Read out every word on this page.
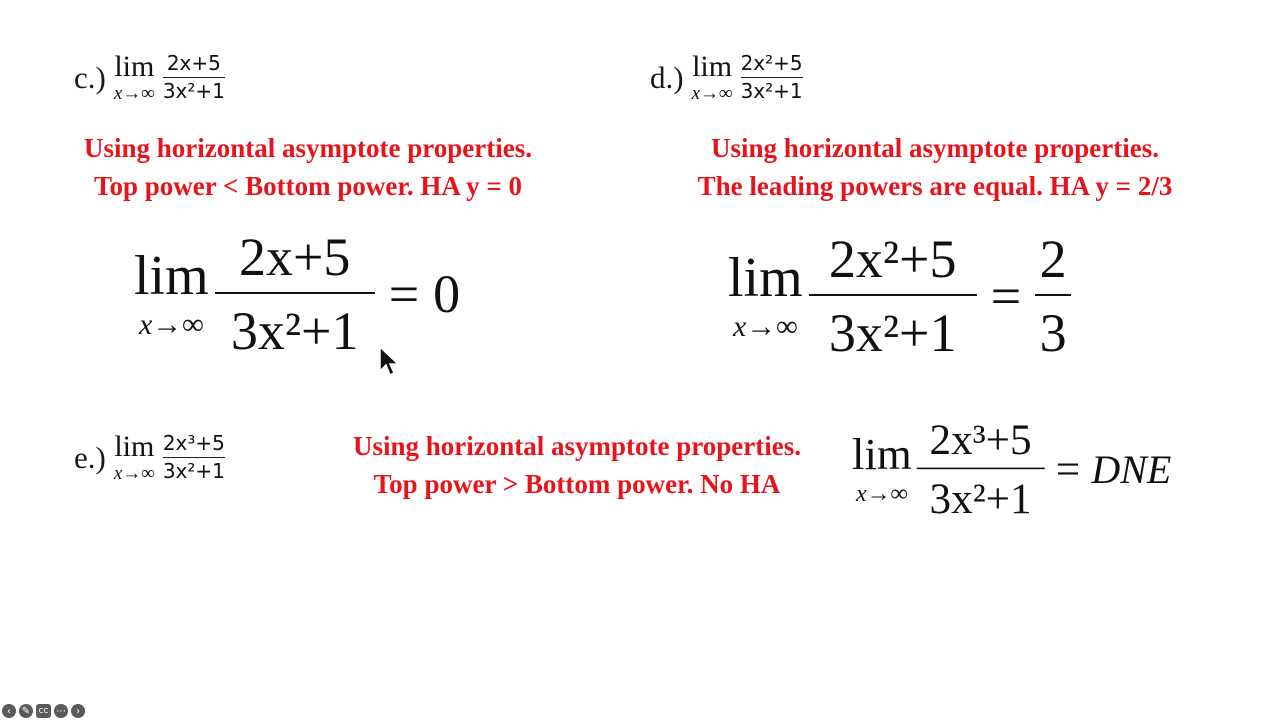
c.) lim
$x\to\infty \frac{2x+5}{\text{3x²+1}}$
Using horizontal asymptote properties.
Top power < Bottom power. HA y = 0
lim
$x\to\infty \frac{2x+5}{\text{3x²+1}} = 0$
d.) lim
$x\to\infty \frac{\text{2x²+5}}{\text{3x²+1}}$
Using horizontal asymptote properties.
The leading powers are equal. HA y = 2/3
lim
$x\to\infty \frac{\text{2x²+5}}{\text{3x²+1}} = \frac{2}{3}$
e.) lim
$x\to\infty \frac{\text{2x³+5}}{\text{3x²+1}}$	Using horizontal asymptote properties.
Top power > Bottom power. No HA
lim
$x\to\infty \frac{\text{2x³+5}}{\text{3x²+1}}$ = DNE
‹	✎	CC ⋯	›
